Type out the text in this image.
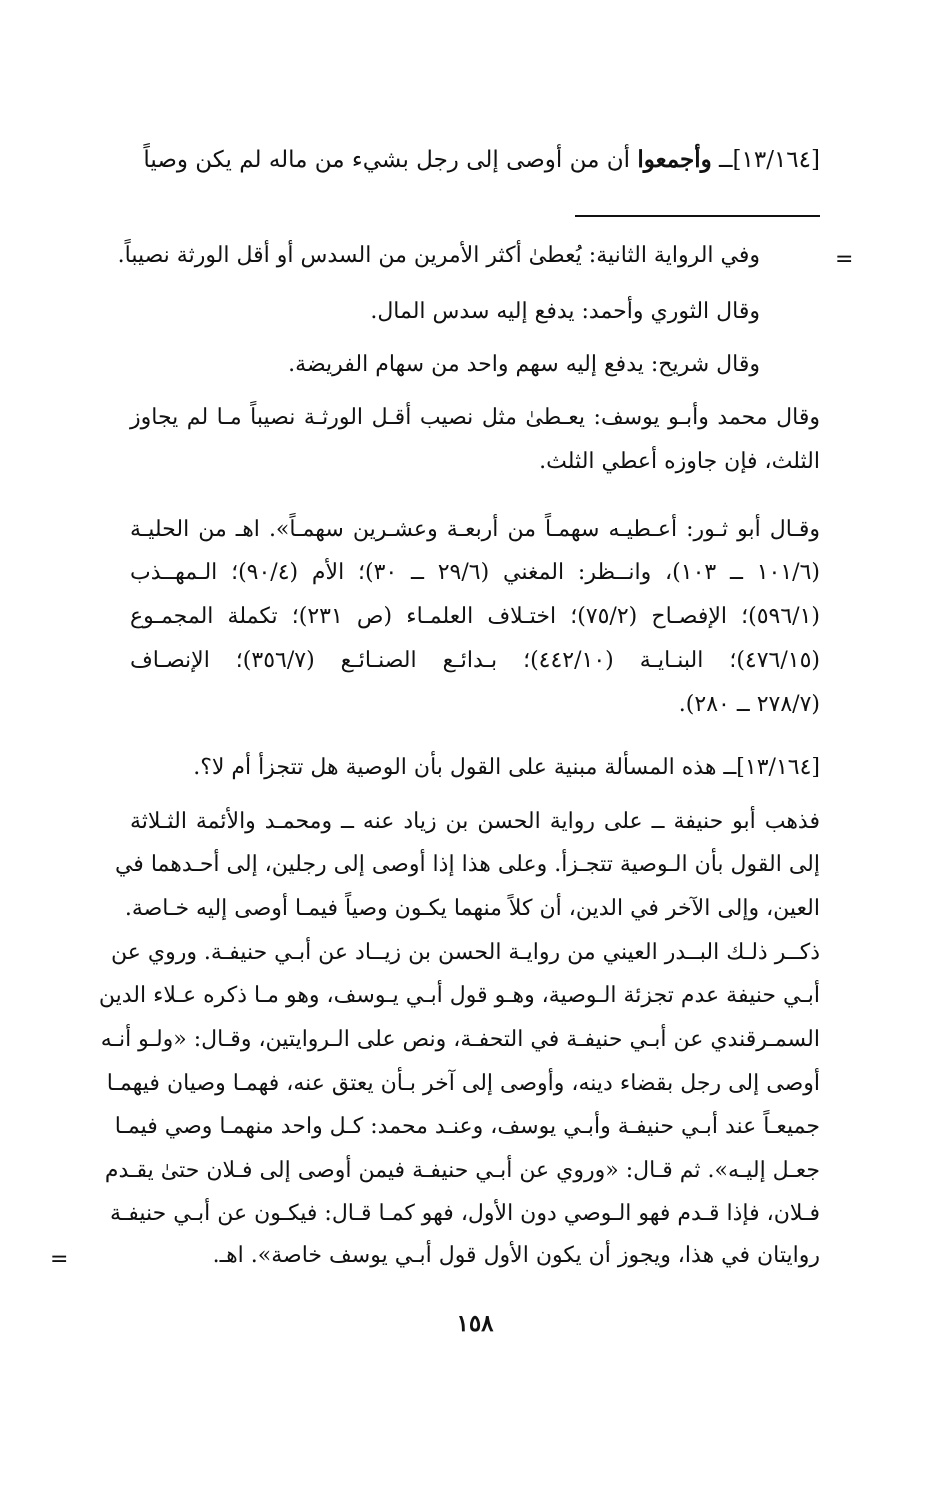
[١٣/١٦٤]ــ وأجمعوا أن من أوصى إلى رجل بشيء من ماله لم يكن وصياً
=
وفي الرواية الثانية: يُعطىٰ أكثر الأمرين من السدس أو أقل الورثة نصيباً.
وقال الثوري وأحمد: يدفع إليه سدس المال.
وقال شريح: يدفع إليه سهم واحد من سهام الفريضة.
وقال محمد وأبـو يوسف: يعـطىٰ مثل نصيب أقـل الورثـة نصيباً مـا لم يجاوز
الثلث، فإن جاوزه أعطي الثلث.
وقـال أبو ثـور: أعـطيـه سهمـاً من أربعـة وعشـرين سهمـاً». اهـ من الحليـة
(١٠١/٦ ــ ١٠٣)، وانــظر: المغني (٢٩/٦ ــ ٣٠)؛ الأم (٩٠/٤)؛ الـمهــذب
(٥٩٦/١)؛ الإفصـاح (٧٥/٢)؛ اختـلاف العلمـاء (ص ٢٣١)؛ تكملة المجمـوع
(٤٧٦/١٥)؛ البنـايـة (٤٤٢/١٠)؛ بـدائـع الصنـائـع (٣٥٦/٧)؛ الإنصـاف
(٢٧٨/٧ ــ ٢٨٠).
[١٣/١٦٤]ــ هذه المسألة مبنية على القول بأن الوصية هل تتجزأ أم لا؟.
فذهب أبو حنيفة ــ على رواية الحسن بن زياد عنه ــ ومحمـد والأئمة الثـلاثة
إلى القول بأن الـوصية تتجـزأ. وعلى هذا إذا أوصى إلى رجلين، إلى أحـدهما في
العين، وإلى الآخر في الدين، أن كلاً منهما يكـون وصياً فيمـا أوصى إليه خـاصة.
ذكــر ذلـك البــدر العيني من روايـة الحسن بن زيــاد عن أبـي حنيفـة. وروي عن
أبـي حنيفة عدم تجزئة الـوصية، وهـو قول أبـي يـوسف، وهو مـا ذكره عـلاء الدين
السمـرقندي عن أبـي حنيفـة في التحفـة، ونص على الـروايتين، وقـال: «ولـو أنـه
أوصى إلى رجل بقضاء دينه، وأوصى إلى آخر بـأن يعتق عنه، فهمـا وصيان فيهمـا
جميعـاً عند أبـي حنيفـة وأبـي يوسف، وعنـد محمد: كـل واحد منهمـا وصي فيمـا
جعـل إليـه». ثم قـال: «وروي عن أبـي حنيفـة فيمن أوصى إلى فـلان حتىٰ يقـدم
فـلان، فإذا قـدم فهو الـوصي دون الأول، فهو كمـا قـال: فيكـون عن أبـي حنيفـة
روايتان في هذا، ويجوز أن يكون الأول قول أبـي يوسف خاصة». اهـ.
=
١٥٨
